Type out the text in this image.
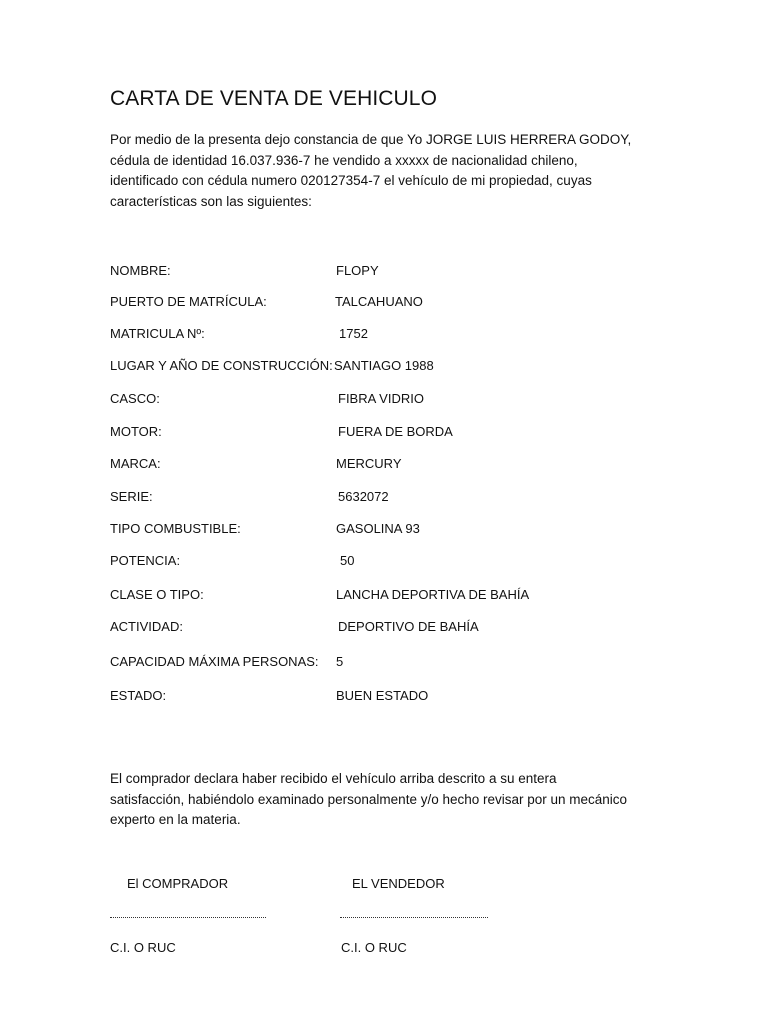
CARTA DE VENTA DE VEHICULO

Por medio de la presenta dejo constancia de que Yo JORGE LUIS HERRERA GODOY,

cédula de identidad 16.037.936-7 he vendido a xxxxx de nacionalidad chileno,

identificado con cédula numero 020127354-7 el vehículo de mi propiedad, cuyas

características son las siguientes:

NOMBRE:	FLOPY
PUERTO DE MATRÍCULA:	TALCAHUANO
MATRICULA Nº:	1752
LUGAR Y AÑO DE CONSTRUCCIÓN: SANTIAGO 1988
CASCO:	FIBRA VIDRIO
MOTOR:	FUERA DE BORDA
MARCA:	MERCURY
SERIE:	5632072
TIPO COMBUSTIBLE:	GASOLINA 93
POTENCIA:	50
CLASE O TIPO:	LANCHA DEPORTIVA DE BAHÍA
ACTIVIDAD:	DEPORTIVO DE BAHÍA
CAPACIDAD MÁXIMA PERSONAS: 5
ESTADO:	BUEN ESTADO

El comprador declara haber recibido el vehículo arriba descrito a su entera

satisfacción, habiéndolo examinado personalmente y/o hecho revisar por un mecánico

experto en la materia.

El COMPRADOR	EL VENDEDOR
C.I. O RUC	C.I. O RUC
